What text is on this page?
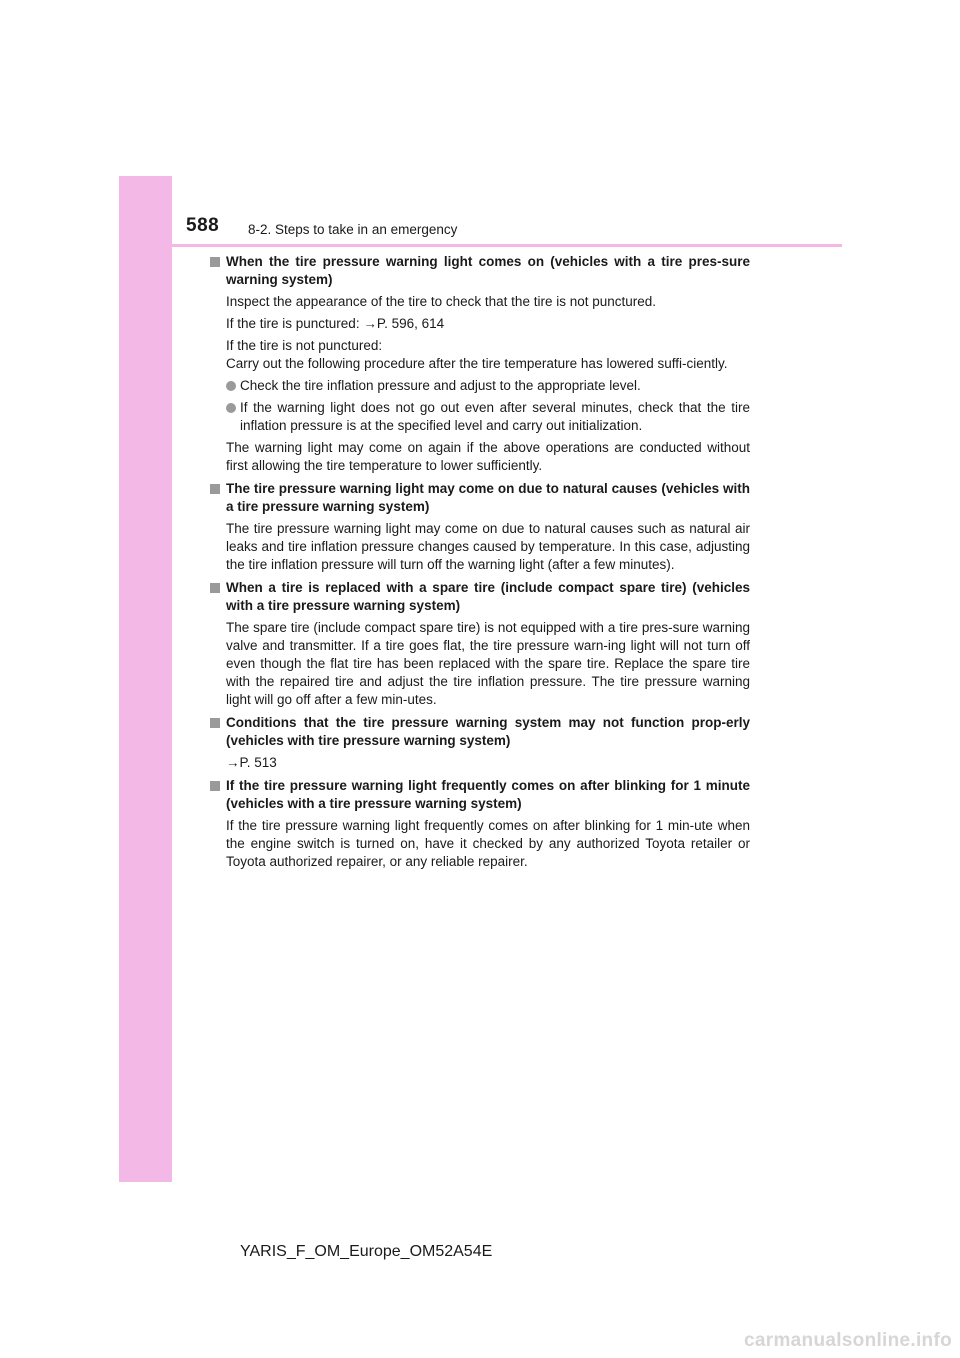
588 8-2. Steps to take in an emergency
When the tire pressure warning light comes on (vehicles with a tire pres-sure warning system)
Inspect the appearance of the tire to check that the tire is not punctured.
If the tire is punctured: →P. 596, 614
If the tire is not punctured:
Carry out the following procedure after the tire temperature has lowered suffi-ciently.
Check the tire inflation pressure and adjust to the appropriate level.
If the warning light does not go out even after several minutes, check that the tire inflation pressure is at the specified level and carry out initialization.
The warning light may come on again if the above operations are conducted without first allowing the tire temperature to lower sufficiently.
The tire pressure warning light may come on due to natural causes (vehicles with a tire pressure warning system)
The tire pressure warning light may come on due to natural causes such as natural air leaks and tire inflation pressure changes caused by temperature. In this case, adjusting the tire inflation pressure will turn off the warning light (after a few minutes).
When a tire is replaced with a spare tire (include compact spare tire) (vehicles with a tire pressure warning system)
The spare tire (include compact spare tire) is not equipped with a tire pres-sure warning valve and transmitter. If a tire goes flat, the tire pressure warn-ing light will not turn off even though the flat tire has been replaced with the spare tire. Replace the spare tire with the repaired tire and adjust the tire inflation pressure. The tire pressure warning light will go off after a few min-utes.
Conditions that the tire pressure warning system may not function prop-erly (vehicles with tire pressure warning system)
→P. 513
If the tire pressure warning light frequently comes on after blinking for 1 minute (vehicles with a tire pressure warning system)
If the tire pressure warning light frequently comes on after blinking for 1 min-ute when the engine switch is turned on, have it checked by any authorized Toyota retailer or Toyota authorized repairer, or any reliable repairer.
YARIS_F_OM_Europe_OM52A54E
carmanualsonline.info
